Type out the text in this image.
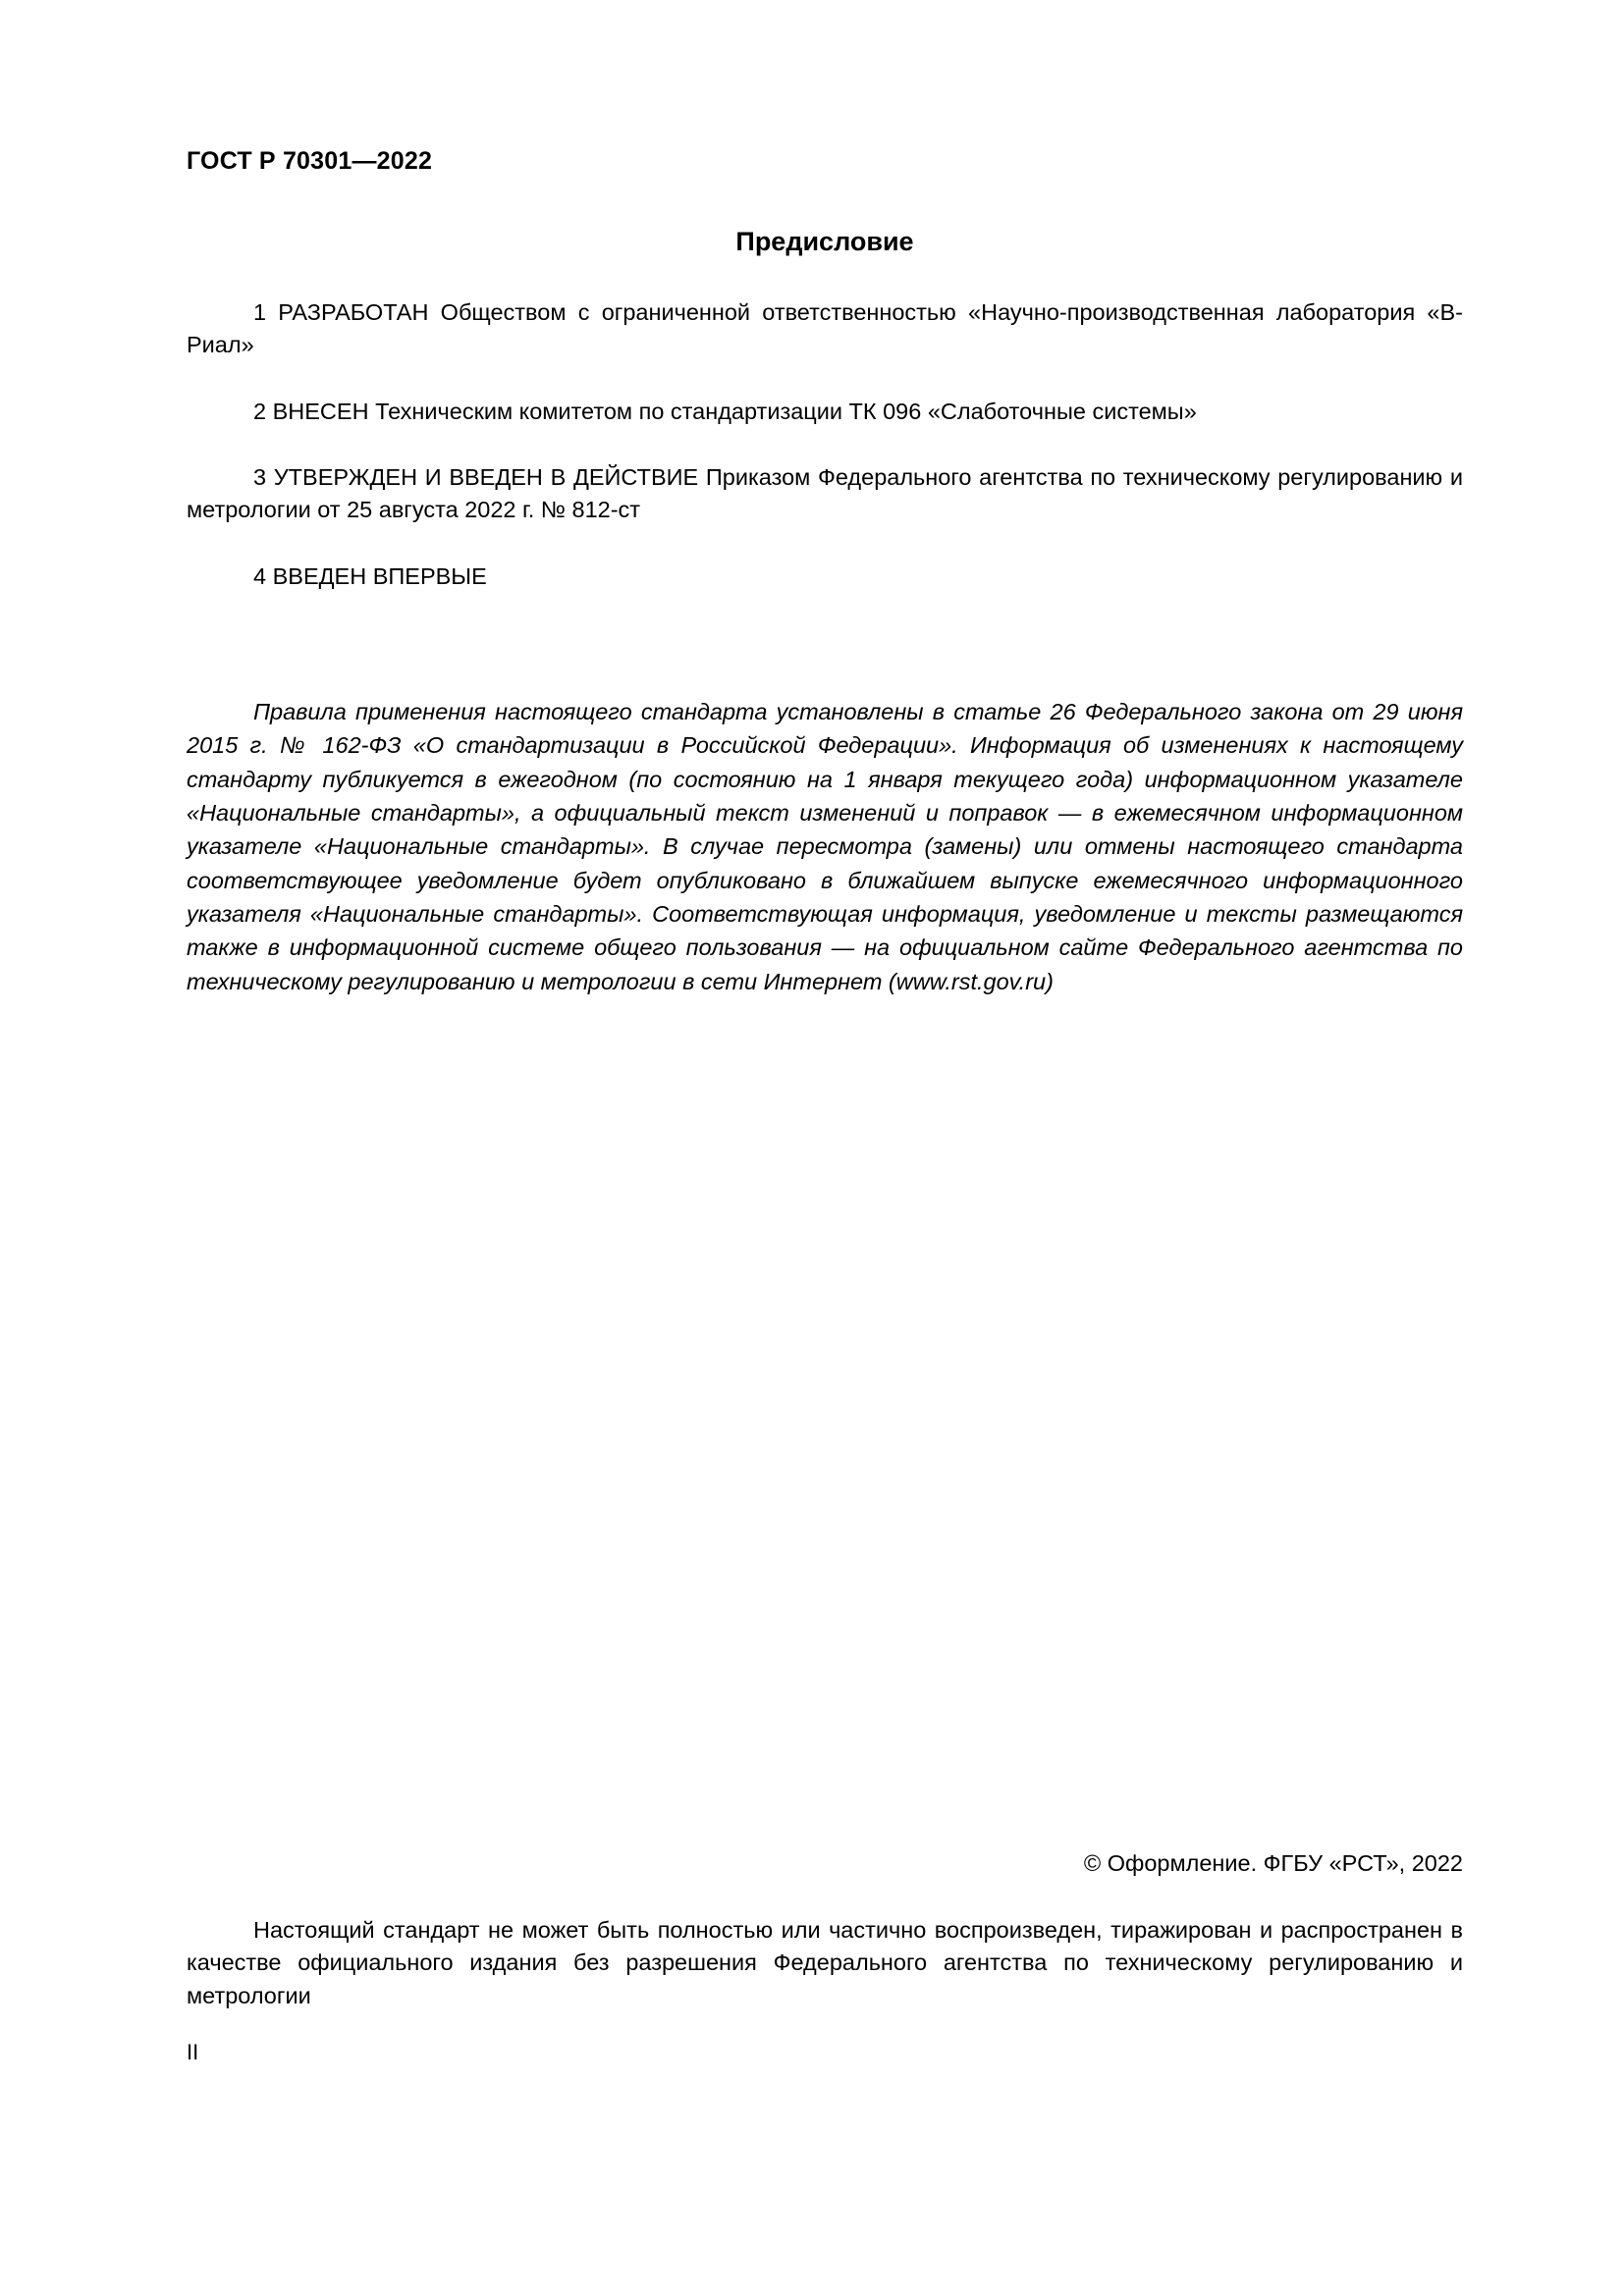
ГОСТ Р 70301—2022
Предисловие

1 РАЗРАБОТАН Обществом с ограниченной ответственностью «Научно-производственная лаборатория «В-Риал»

2 ВНЕСЕН Техническим комитетом по стандартизации ТК 096 «Слаботочные системы»

3 УТВЕРЖДЕН И ВВЕДЕН В ДЕЙСТВИЕ Приказом Федерального агентства по техническому регулированию и метрологии от 25 августа 2022 г. № 812-ст

4 ВВЕДЕН ВПЕРВЫЕ

Правила применения настоящего стандарта установлены в статье 26 Федерального закона от 29 июня 2015 г. № 162-ФЗ «О стандартизации в Российской Федерации». Информация об изменениях к настоящему стандарту публикуется в ежегодном (по состоянию на 1 января текущего года) информационном указателе «Национальные стандарты», а официальный текст изменений и поправок — в ежемесячном информационном указателе «Национальные стандарты». В случае пересмотра (замены) или отмены настоящего стандарта соответствующее уведомление будет опубликовано в ближайшем выпуске ежемесячного информационного указателя «Национальные стандарты». Соответствующая информация, уведомление и тексты размещаются также в информационной системе общего пользования — на официальном сайте Федерального агентства по техническому регулированию и метрологии в сети Интернет (www.rst.gov.ru)

© Оформление. ФГБУ «РСТ», 2022
Настоящий стандарт не может быть полностью или частично воспроизведен, тиражирован и распространен в качестве официального издания без разрешения Федерального агентства по техническому регулированию и метрологии
II
